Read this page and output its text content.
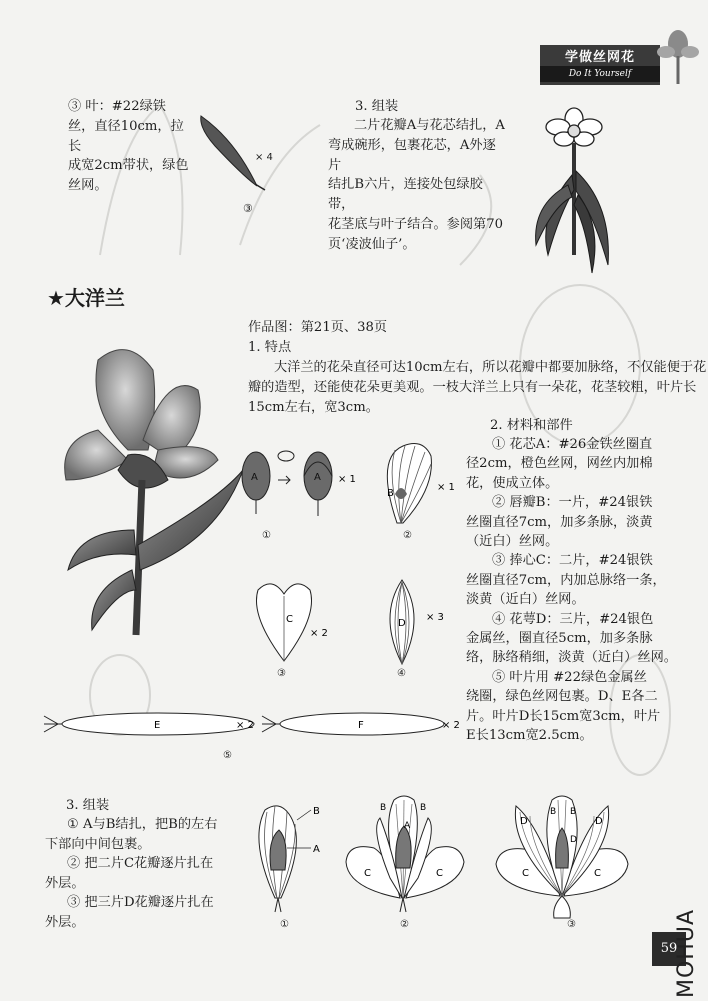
学做丝网花
Do It Yourself
③ 叶：#22绿铁
丝，直径10cm，拉长
成宽2cm带状，绿色
丝网。
× 4
③
3. 组装
二片花瓣A与花芯结扎，A
弯成碗形，包裹花芯，A外逐片
结扎B六片，连接处包绿胶带，
花茎底与叶子结合。参阅第70
页‘凌波仙子’。
★大洋兰
作品图：第21页、38页
1. 特点
大洋兰的花朵直径可达10cm左右，所以花瓣中都要加脉络，不仅能便于花
瓣的造型，还能使花朵更美观。一枝大洋兰上只有一朵花，花茎较粗，叶片长
15cm左右，宽3cm。
2. 材料和部件
① 花芯A：#26金铁丝圈直
径2cm，橙色丝网，网丝内加棉
花，使成立体。
② 唇瓣B：一片，#24银铁
丝圈直径7cm，加多条脉，淡黄
（近白）丝网。
③ 捧心C：二片，#24银铁
丝圈直径7cm，内加总脉络一条，
淡黄（近白）丝网。
④ 花萼D：三片，#24银色
金属丝，圈直径5cm，加多条脉
络，脉络稍细，淡黄（近白）丝网。
⑤ 叶片用 #22绿色金属丝
绕圈，绿色丝网包裹。D、E各二
片。叶片D长15cm宽3cm，叶片
E长13cm宽2.5cm。
A	A × 1
①
B
× 1
②
C
× 2
③
D
× 3
④
E	× 2	F	× 2
⑤
3. 组装
① A与B结扎，把B的左右
下部向中间包裹。
② 把二片C花瓣逐片扎在
外层。
③ 把三片D花瓣逐片扎在
外层。
B
A
①
B	B
A
C	C
②
D	D
B B
D
C	C
③
59
MOHUA
